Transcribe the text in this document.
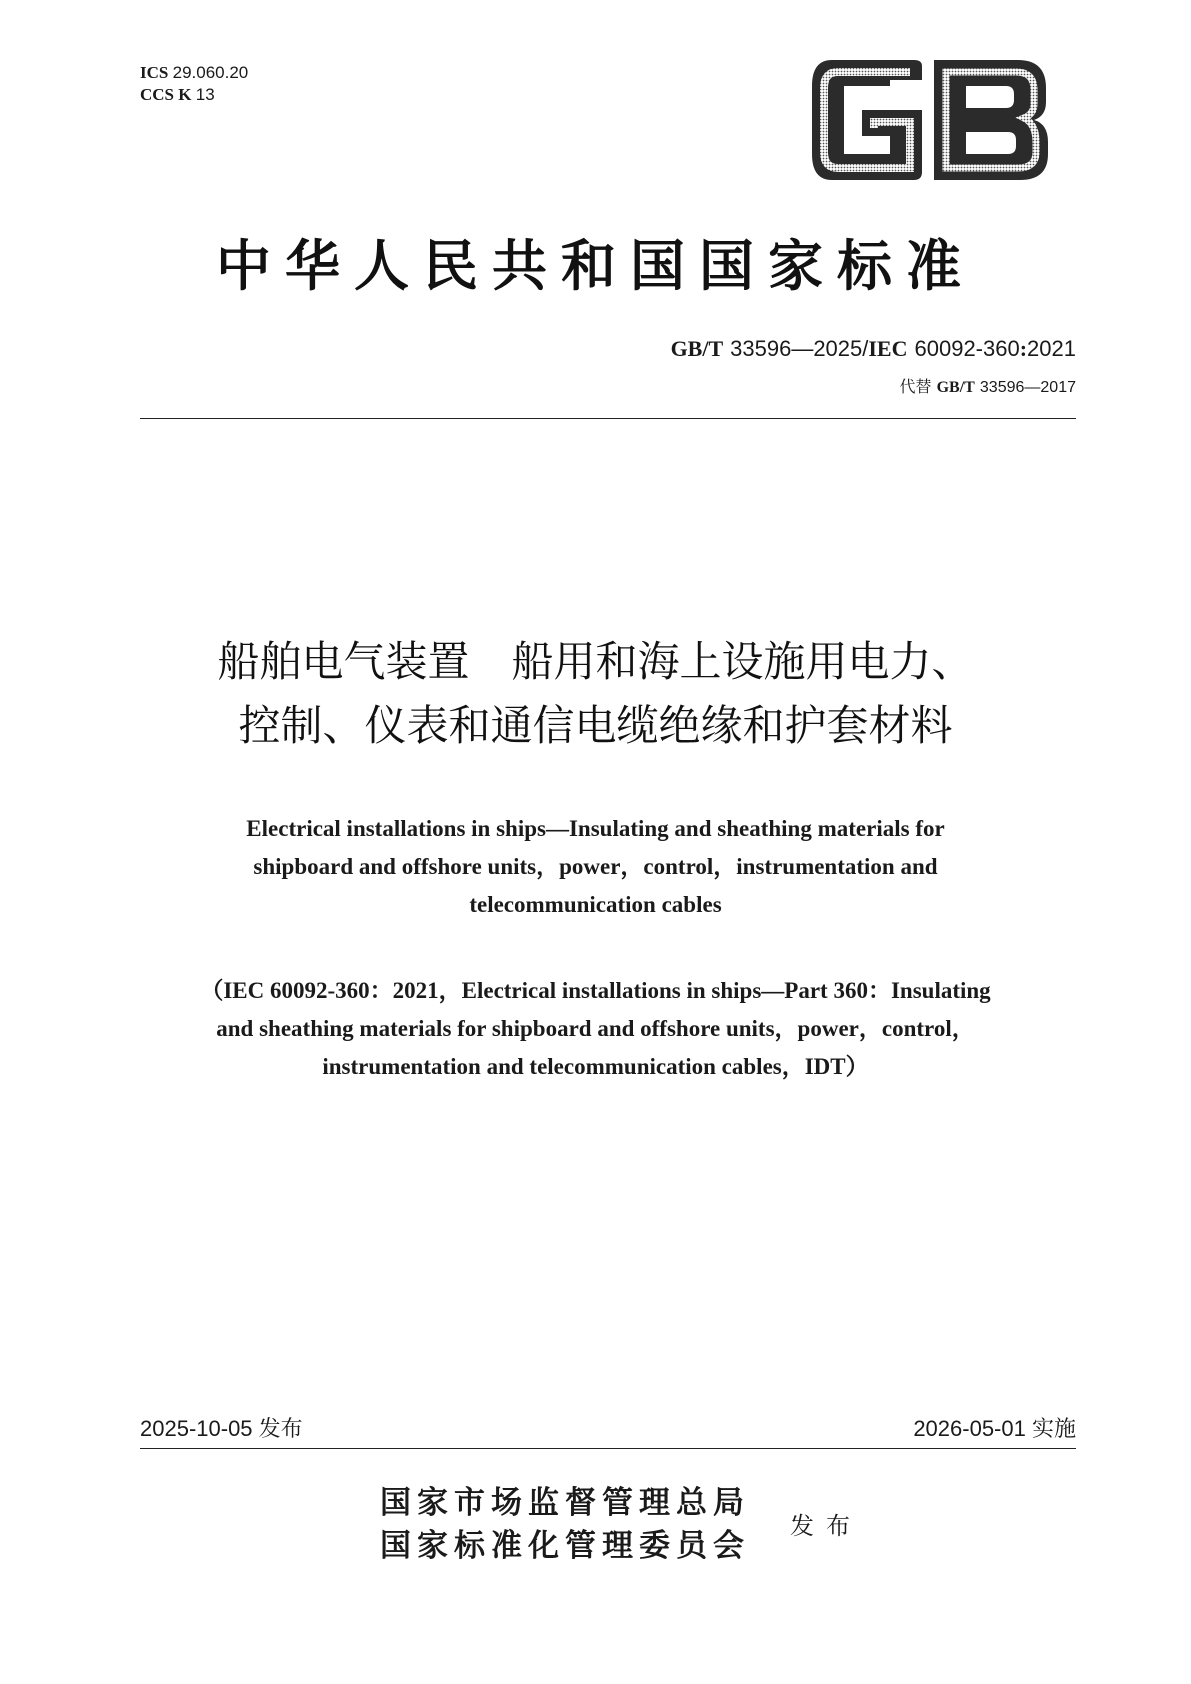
ICS 29.060.20
CCS K 13
中华人民共和国国家标准
GB/T 33596—2025/IEC 60092-360:2021
代替 GB/T 33596—2017
船舶电气装置　船用和海上设施用电力、
控制、仪表和通信电缆绝缘和护套材料
Electrical installations in ships—Insulating and sheathing materials for
shipboard and offshore units，power，control，instrumentation and
telecommunication cables
（IEC 60092-360：2021，Electrical installations in ships—Part 360：Insulating
and sheathing materials for shipboard and offshore units，power，control，
instrumentation and telecommunication cables，IDT）
2025-10-05 发布	2026-05-01 实施
国家市场监督管理总局
国家标准化管理委员会
发布
